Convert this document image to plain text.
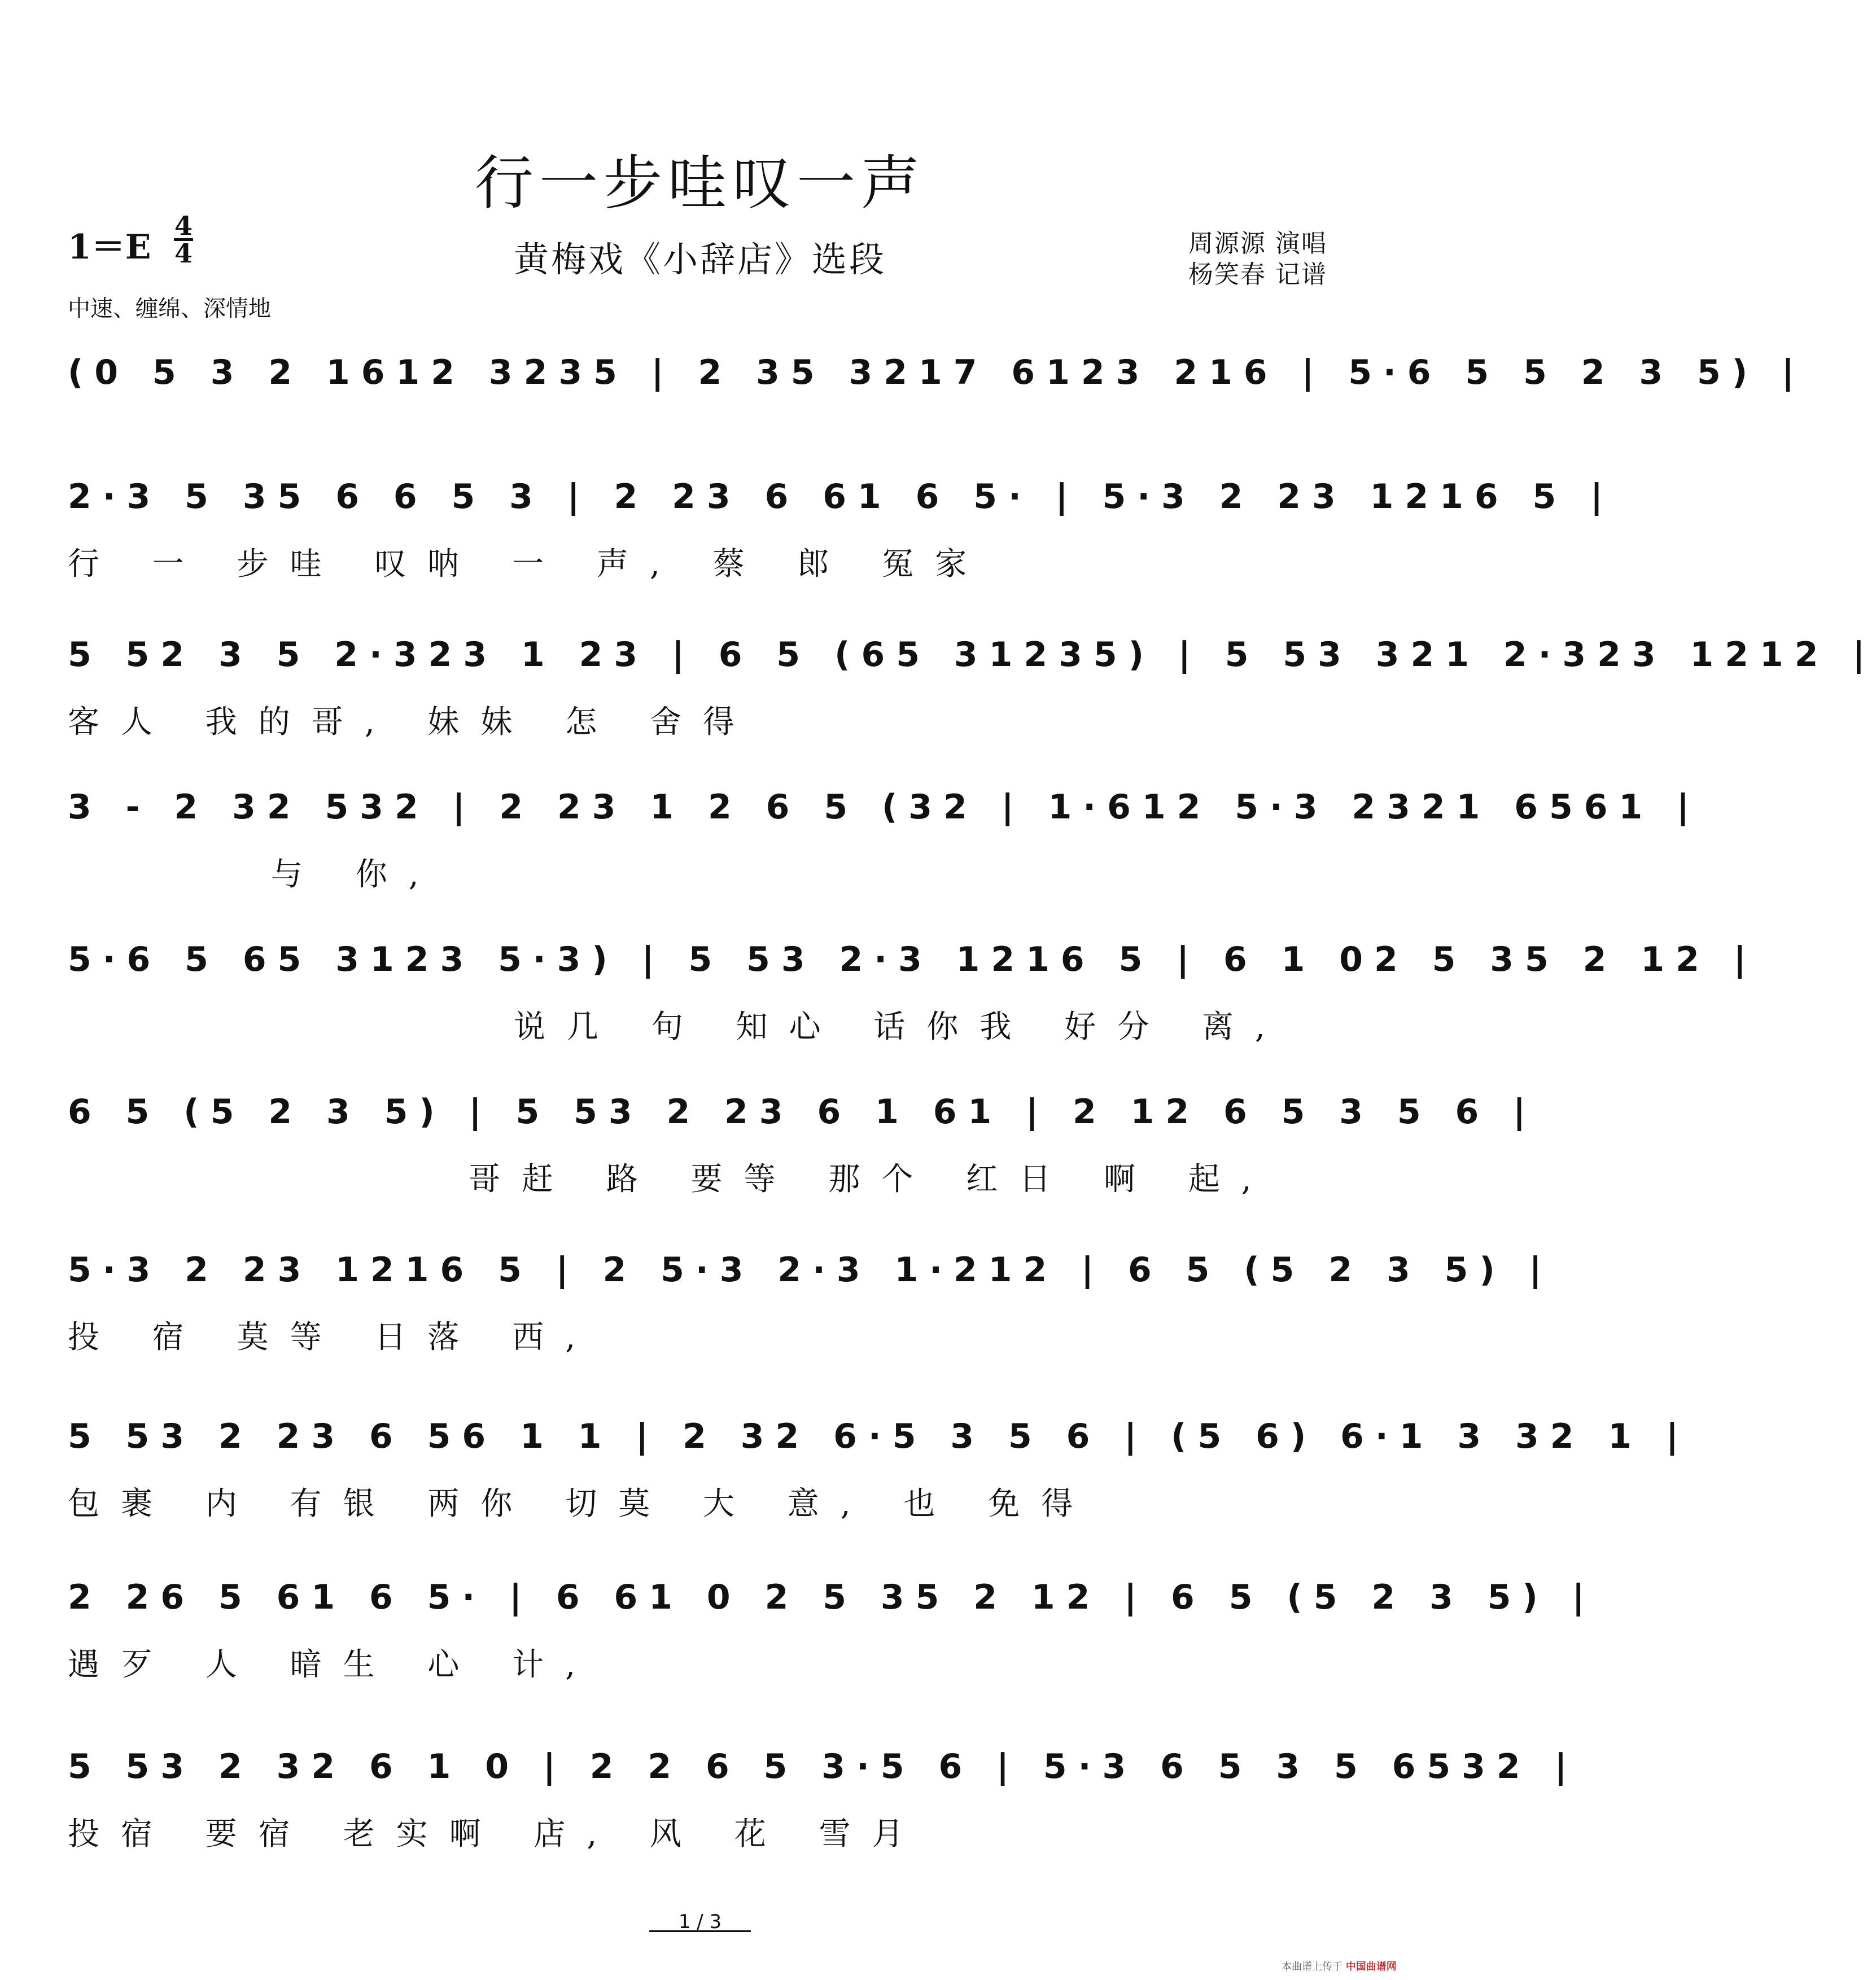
行一步哇叹一声
1＝E
4
4	黄梅戏《小辞店》选段	周源源 演唱
杨笑春 记谱
中速、缠绵、深情地
(0 5 3 2 1612 3235 | 2 35 3217 6123 216 | 5·6 5 5 2 3 5) |
2·3 5 35 6 6 5 3 | 2 23 6 61 6 5· | 5·3 2 23 1216 5 |
行 一 步哇 叹呐 一 声, 蔡 郎 冤家
5 52 3 5 2·323 1 23 | 6 5 (65 31235) | 5 53 321 2·323 1212 |
客人 我的哥, 妹妹 怎 舍得
3 - 2 32 532 | 2 23 1 2 6 5 (32 | 1·612 5·3 2321 6561 |
与 你,
5·6 5 65 3123 5·3) | 5 53 2·3 1216 5 | 6 1 02 5 35 2 12 |
说几 句 知心 话你我 好分 离,
6 5 (5 2 3 5) | 5 53 2 23 6 1 61 | 2 12 6 5 3 5 6 |
哥赶 路 要等 那个 红日 啊 起,
5·3 2 23 1216 5 | 2 5·3 2·3 1·212 | 6 5 (5 2 3 5) |
投 宿 莫等 日落 西,
5 53 2 23 6 56 1 1 | 2 32 6·5 3 5 6 | (5 6) 6·1 3 32 1 |
包裹 内 有银 两你 切莫 大 意, 也 免得
2 26 5 61 6 5· | 6 61 0 2 5 35 2 12 | 6 5 (5 2 3 5) |
遇歹 人 暗生 心 计,
5 53 2 32 6 1 0 | 2 2 6 5 3·5 6 | 5·3 6 5 3 5 6532 |
投宿 要宿 老实啊 店, 风 花 雪月
1 / 3
本曲谱上传于 中国曲谱网
